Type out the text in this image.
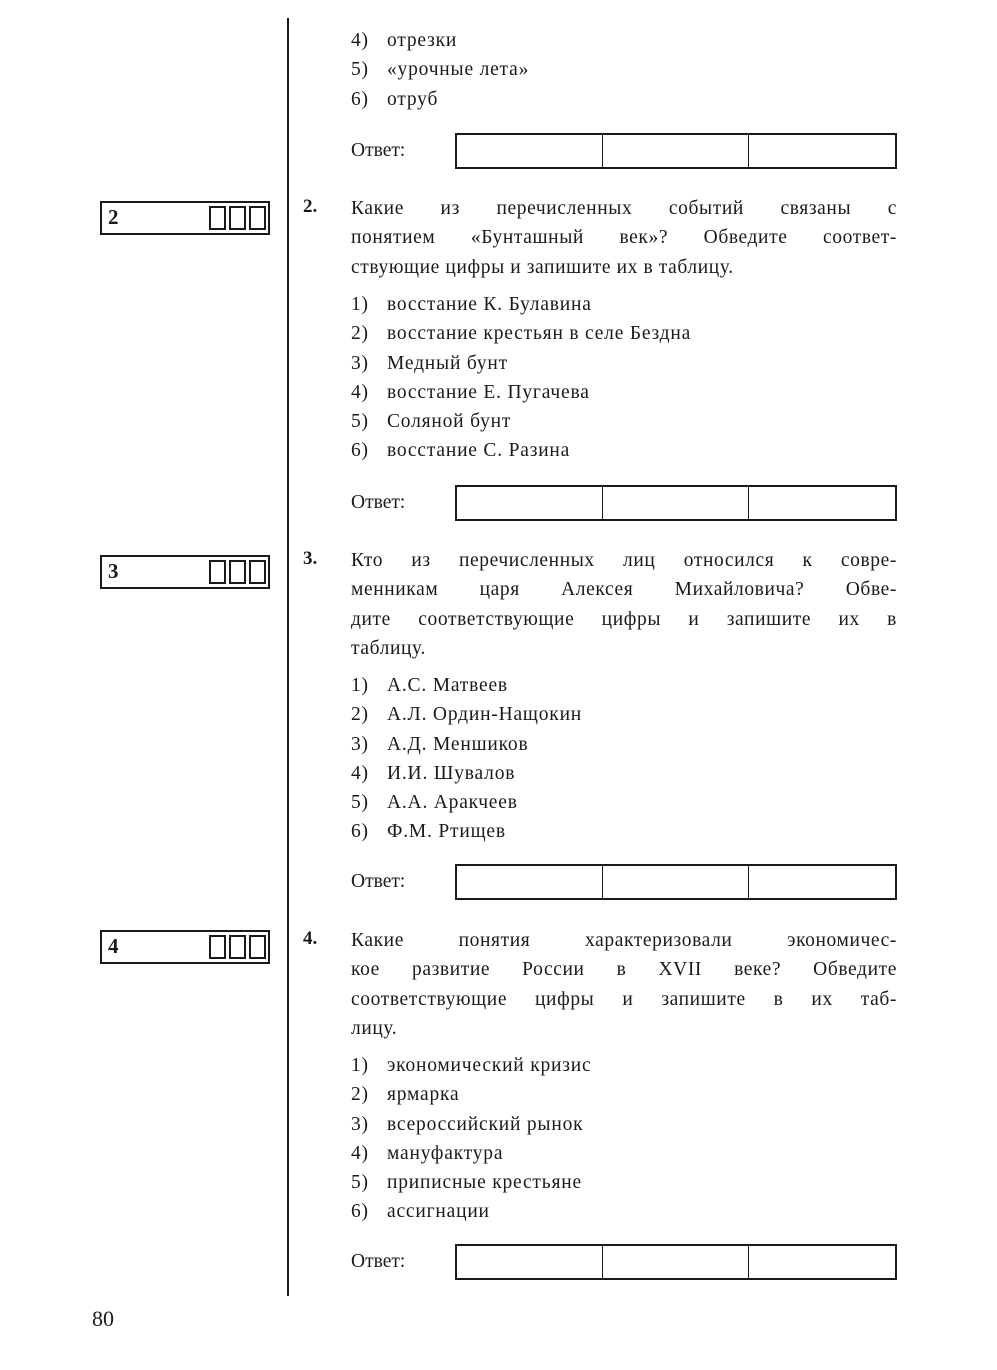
4) отрезки
5) «урочные лета»
6) отруб
Ответ:
2	2. Какие из перечисленных событий связаны с
понятием «Бунташный век»? Обведите соответ-
ствующие цифры и запишите их в таблицу.
1) восстание К. Булавина
2) восстание крестьян в селе Бездна
3) Медный бунт
4) восстание Е. Пугачева
5) Соляной бунт
6) восстание С. Разина
Ответ:
3
3. Кто из перечисленных лиц относился к совре-
менникам царя Алексея Михайловича? Обве-
дите соответствующие цифры и запишите их в
таблицу.
1) А.С. Матвеев
2) А.Л. Ордин-Нащокин
3) А.Д. Меншиков
4) И.И. Шувалов
5) А.А. Аракчеев
6) Ф.М. Ртищев
Ответ:
4	4. Какие понятия характеризовали экономичес-
кое развитие России в XVII веке? Обведите
соответствующие цифры и запишите в их таб-
лицу.
1) экономический кризис
2) ярмарка
3) всероссийский рынок
4) мануфактура
5) приписные крестьяне
6) ассигнации
Ответ:
80
